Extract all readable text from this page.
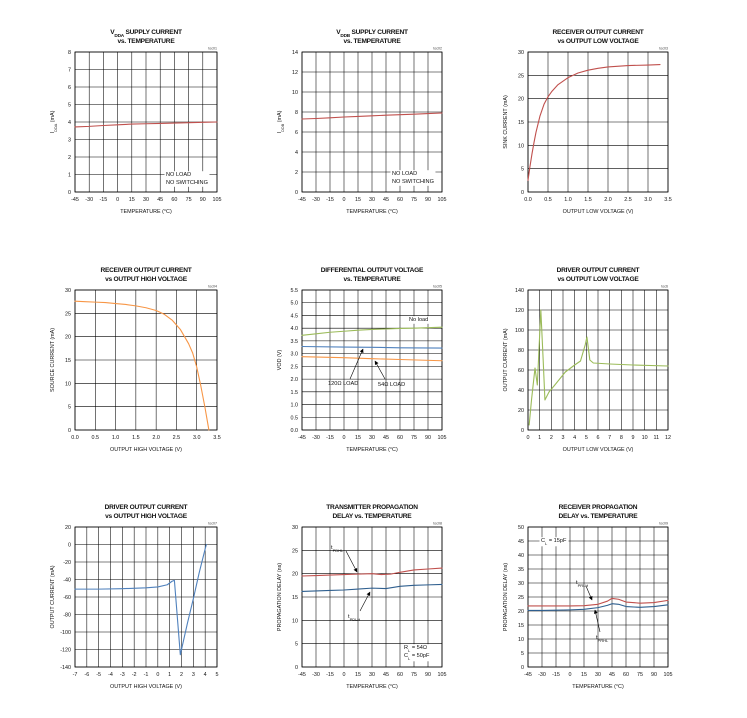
$V_{DDA}$ SUPPLY CURRENT
vs. TEMPERATURE
toc01
-45 -30 -15 0 15 30 45 60 75 90 105
0
1
2
3
4
5
6
7
8
TEMPERATURE (°C)
$I_{DDA}$ (mA)
NO LOAD
NO SWITCHING
$V_{DDB}$ SUPPLY CURRENT
vs. TEMPERATURE
toc02
-45 -30 -15 0 15 30 45 60 75 90 105
0
2
4
6
8
10
12
14
TEMPERATURE (°C)
$I_{DDB}$ (mA)
NO LOAD
NO SWITCHING
RECEIVER OUTPUT CURRENT
vs OUTPUT LOW VOLTAGE
toc03
0.0 0.5 1.0 1.5 2.0 2.5 3.0 3.5
0
5
10
15
20
25
30
OUTPUT LOW VOLTAGE (V)
SINK CURRENT (mA)
RECEIVER OUTPUT CURRENT
vs OUTPUT HIGH VOLTAGE
toc04
0.0 0.5 1.0 1.5 2.0 2.5 3.0 3.5
0
5
10
15
20
25
30
OUTPUT HIGH VOLTAGE (V)
SOURCE CURRENT (mA)
DIFFERENTIAL OUTPUT VOLTAGE
vs. TEMPERATURE
toc05
-45 -30 -15 0 15 30 45 60 75 90 105
0.0
0.5
1.0
1.5
2.0
2.5
3.0
3.5
4.0
4.5
5.0
5.5
TEMPERATURE (°C)
VOD (V)
No load
120Ω LOAD	54Ω LOAD
DRIVER OUTPUT CURRENT
vs OUTPUT LOW VOLTAGE
toc6
0 1 2 3 4 5 6 7 8 9 10 11 12
0
20
40
60
80
100
120
140
OUTPUT LOW VOLTAGE (V)
OUTPUT CURRENT (mA)
DRIVER OUTPUT CURRENT
vs OUTPUT HIGH VOLTAGE
toc07
-7 -6 -5 -4 -3 -2 -1 0 1 2 3 4 5
20
0
-20
-40
-60
-80
-100
-120
-140
OUTPUT HIGH VOLTAGE (V)
OUTPUT CURRENT (mA)
TRANSMITTER PROPAGATION
DELAY vs. TEMPERATURE
toc08
-45 -30 -15 0 15 30 45 60 75 90 105
0
5
10
15
20
25
30
TEMPERATURE (°C)
PROPAGATION DELAY (ns)
$R_L = 54\Omega$
$C_L = 50pF$
$t_{PDHL}$
$t_{PDLH}$
RECEIVER PROPAGATION
DELAY vs. TEMPERATURE
toc09
-45 -30 -15 0 15 30 45 60 75 90 105
0
5
10
15
20
25
30
35
40
45
50
TEMPERATURE (°C)
PROPAGATION DELAY (ns)
$C_L = 15pF$
$t_{PRLH}$
$t_{PRHL}$
